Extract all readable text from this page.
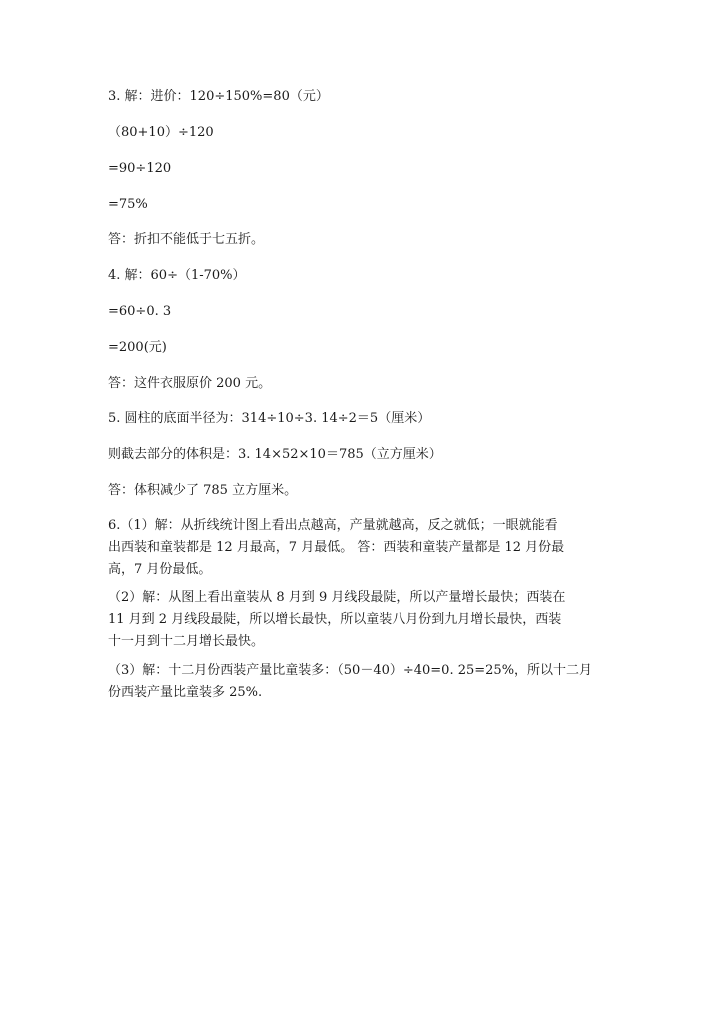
3. 解：进价：120÷150%=80（元）
（80+10）÷120
=90÷120
=75%
答：折扣不能低于七五折。
4. 解：60÷（1-70%）
=60÷0. 3
=200(元)
答：这件衣服原价 200 元。
5. 圆柱的底面半径为：314÷10÷3. 14÷2＝5（厘米）
则截去部分的体积是：3. 14×52×10＝785（立方厘米）
答：体积减少了 785 立方厘米。
6.（1）解：从折线统计图上看出点越高，产量就越高，反之就低；一眼就能看
出西装和童装都是 12 月最高，7 月最低。 答：西装和童装产量都是 12 月份最
高，7 月份最低。
（2）解：从图上看出童装从 8 月到 9 月线段最陡，所以产量增长最快；西装在
11 月到 2 月线段最陡，所以增长最快，所以童装八月份到九月增长最快，西装
十一月到十二月增长最快。
（3）解：十二月份西装产量比童装多：（50－40）÷40=0. 25=25%，所以十二月
份西装产量比童装多 25%.
